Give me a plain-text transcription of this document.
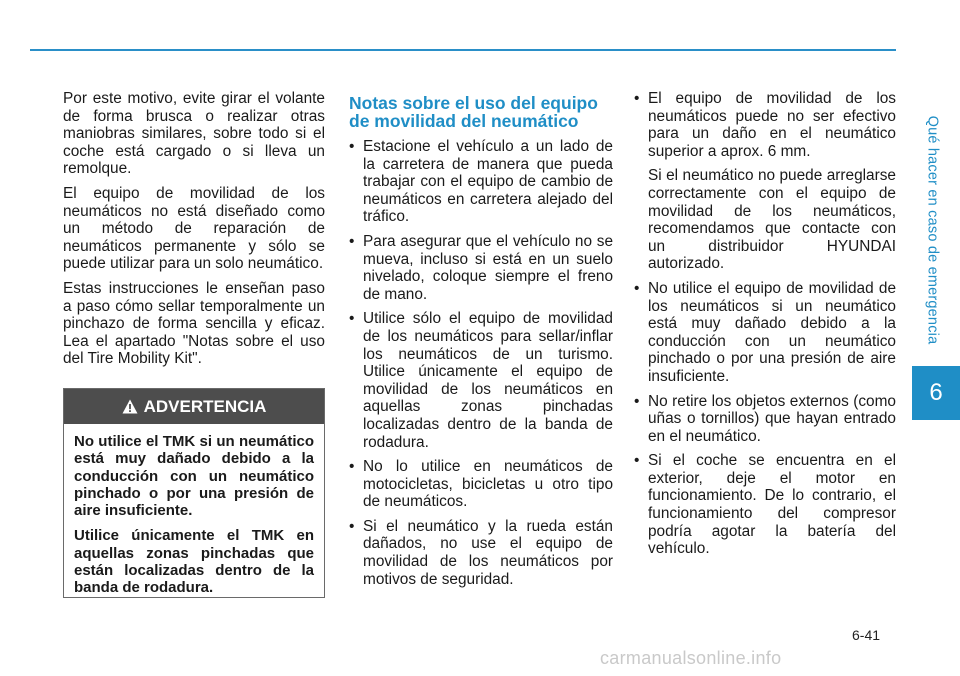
Qué hacer en caso de emergencia
6

Por este motivo, evite girar el volante de forma brusca o realizar otras maniobras similares, sobre todo si el coche está cargado o si lleva un remolque.

El equipo de movilidad de los neumáticos no está diseñado como un método de reparación de neumáticos permanente y sólo se puede utilizar para un solo neumático.

Estas instrucciones le enseñan paso a paso cómo sellar temporalmente un pinchazo de forma sencilla y eficaz. Lea el apartado "Notas sobre el uso del Tire Mobility Kit".

ADVERTENCIA

No utilice el TMK si un neumático está muy dañado debido a la conducción con un neumático pinchado o por una presión de aire insuficiente.

Utilice únicamente el TMK en aquellas zonas pinchadas que están localizadas dentro de la banda de rodadura.

Notas sobre el uso del equipo de movilidad del neumático
• Estacione el vehículo a un lado de la carretera de manera que pueda trabajar con el equipo de cambio de neumáticos en carretera alejado del tráfico.
• Para asegurar que el vehículo no se mueva, incluso si está en un suelo nivelado, coloque siempre el freno de mano.
• Utilice sólo el equipo de movilidad de los neumáticos para sellar/inflar los neumáticos de un turismo. Utilice únicamente el equipo de movilidad de los neumáticos en aquellas zonas pinchadas localizadas dentro de la banda de rodadura.
• No lo utilice en neumáticos de motocicletas, bicicletas u otro tipo de neumáticos.
• Si el neumático y la rueda están dañados, no use el equipo de movilidad de los neumáticos por motivos de seguridad.
• El equipo de movilidad de los neumáticos puede no ser efectivo para un daño en el neumático superior a aprox. 6 mm.

Si el neumático no puede arreglarse correctamente con el equipo de movilidad de los neumáticos, recomendamos que contacte con un distribuidor HYUNDAI autorizado.

• No utilice el equipo de movilidad de los neumáticos si un neumático está muy dañado debido a la conducción con un neumático pinchado o por una presión de aire insuficiente.
• No retire los objetos externos (como uñas o tornillos) que hayan entrado en el neumático.
• Si el coche se encuentra en el exterior, deje el motor en funcionamiento. De lo contrario, el funcionamiento del compresor podría agotar la batería del vehículo.
6-41
carmanualsonline.info
